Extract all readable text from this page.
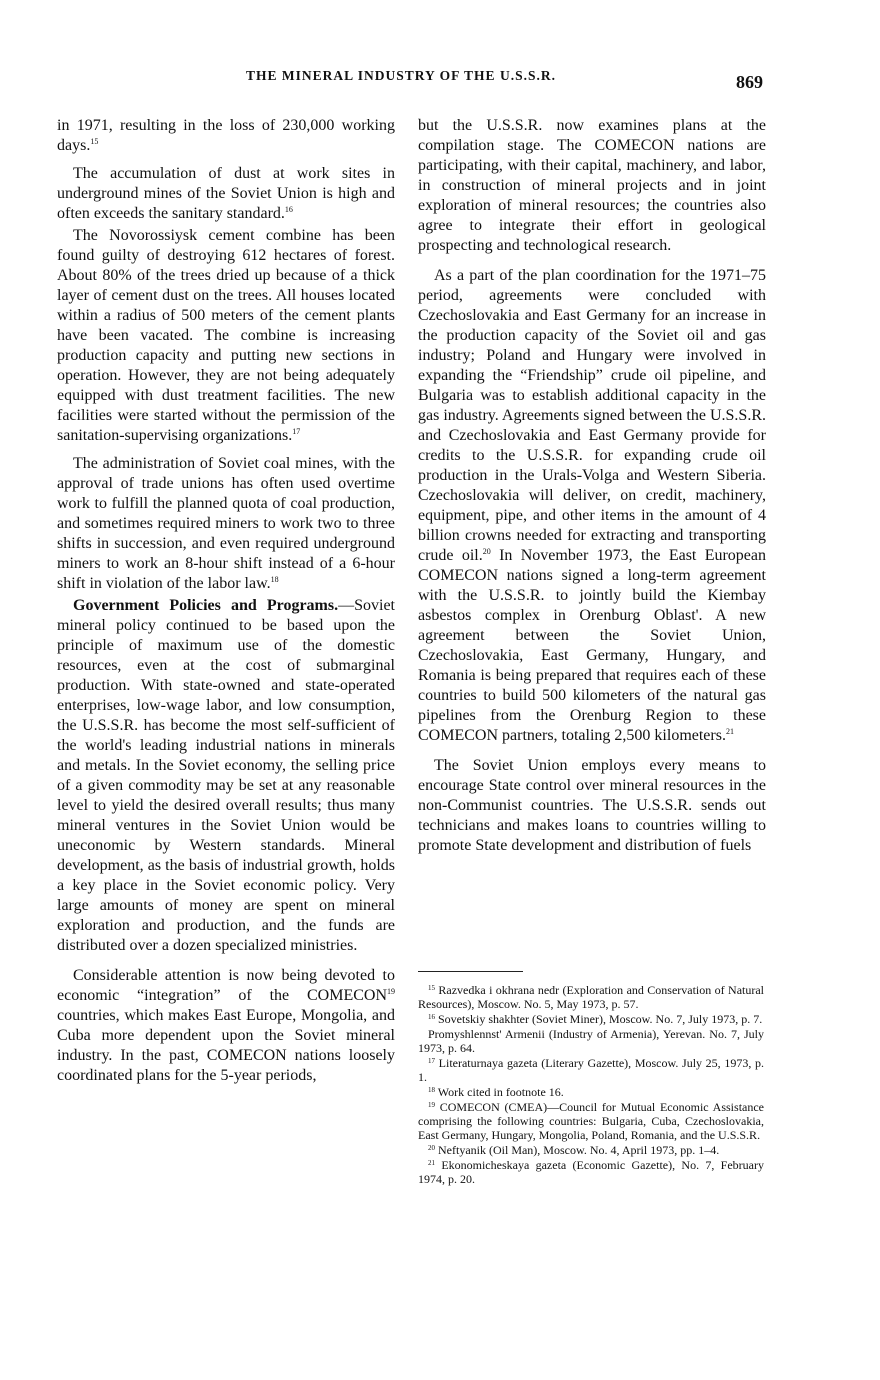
THE MINERAL INDUSTRY OF THE U.S.S.R.	869

in 1971, resulting in the loss of 230,000 working days.$^{15}$

The accumulation of dust at work sites in underground mines of the Soviet Union is high and often exceeds the sanitary standard.$^{16}$

The Novorossiysk cement combine has been found guilty of destroying 612 hectares of forest. About 80% of the trees dried up because of a thick layer of cement dust on the trees. All houses located within a radius of 500 meters of the cement plants have been vacated. The combine is increasing production capacity and putting new sections in operation. However, they are not being adequately equipped with dust treatment facilities. The new facilities were started without the permission of the sanitation-supervising organizations.$^{17}$

The administration of Soviet coal mines, with the approval of trade unions has often used overtime work to fulfill the planned quota of coal production, and sometimes required miners to work two to three shifts in succession, and even required underground miners to work an 8-hour shift instead of a 6-hour shift in violation of the labor law.$^{18}$

Government Policies and Programs.—Soviet mineral policy continued to be based upon the principle of maximum use of the domestic resources, even at the cost of submarginal production. With state-owned and state-operated enterprises, low-wage labor, and low consumption, the U.S.S.R. has become the most self-sufficient of the world's leading industrial nations in minerals and metals. In the Soviet economy, the selling price of a given commodity may be set at any reasonable level to yield the desired overall results; thus many mineral ventures in the Soviet Union would be uneconomic by Western standards. Mineral development, as the basis of industrial growth, holds a key place in the Soviet economic policy. Very large amounts of money are spent on mineral exploration and production, and the funds are distributed over a dozen specialized ministries.

Considerable attention is now being devoted to economic “integration” of the COMECON$^{19}$ countries, which makes East Europe, Mongolia, and Cuba more dependent upon the Soviet mineral industry. In the past, COMECON nations loosely coordinated plans for the 5-year periods,

but the U.S.S.R. now examines plans at the compilation stage. The COMECON nations are participating, with their capital, machinery, and labor, in construction of mineral projects and in joint exploration of mineral resources; the countries also agree to integrate their effort in geological prospecting and technological research.

As a part of the plan coordination for the 1971–75 period, agreements were concluded with Czechoslovakia and East Germany for an increase in the production capacity of the Soviet oil and gas industry; Poland and Hungary were involved in expanding the “Friendship” crude oil pipeline, and Bulgaria was to establish additional capacity in the gas industry. Agreements signed between the U.S.S.R. and Czechoslovakia and East Germany provide for credits to the U.S.S.R. for expanding crude oil production in the Urals-Volga and Western Siberia. Czechoslovakia will deliver, on credit, machinery, equipment, pipe, and other items in the amount of 4 billion crowns needed for extracting and transporting crude oil.$^{20}$ In November 1973, the East European COMECON nations signed a long-term agreement with the U.S.S.R. to jointly build the Kiembay asbestos complex in Orenburg Oblast'. A new agreement between the Soviet Union, Czechoslovakia, East Germany, Hungary, and Romania is being prepared that requires each of these countries to build 500 kilometers of the natural gas pipelines from the Orenburg Region to these COMECON partners, totaling 2,500 kilometers.$^{21}$

The Soviet Union employs every means to encourage State control over mineral resources in the non-Communist countries. The U.S.S.R. sends out technicians and makes loans to countries willing to promote State development and distribution of fuels

$^{15}$ Razvedka i okhrana nedr (Exploration and Conservation of Natural Resources), Moscow. No. 5, May 1973, p. 57.

$^{16}$ Sovetskiy shakhter (Soviet Miner), Moscow. No. 7, July 1973, p. 7.

Promyshlennst' Armenii (Industry of Armenia), Yerevan. No. 7, July 1973, p. 64.

$^{17}$ Literaturnaya gazeta (Literary Gazette), Moscow. July 25, 1973, p. 1.

$^{18}$ Work cited in footnote 16.

$^{19}$ COMECON (CMEA)—Council for Mutual Economic Assistance comprising the following countries: Bulgaria, Cuba, Czechoslovakia, East Germany, Hungary, Mongolia, Poland, Romania, and the U.S.S.R.

$^{20}$ Neftyanik (Oil Man), Moscow. No. 4, April 1973, pp. 1–4.

$^{21}$ Ekonomicheskaya gazeta (Economic Gazette), No. 7, February 1974, p. 20.
